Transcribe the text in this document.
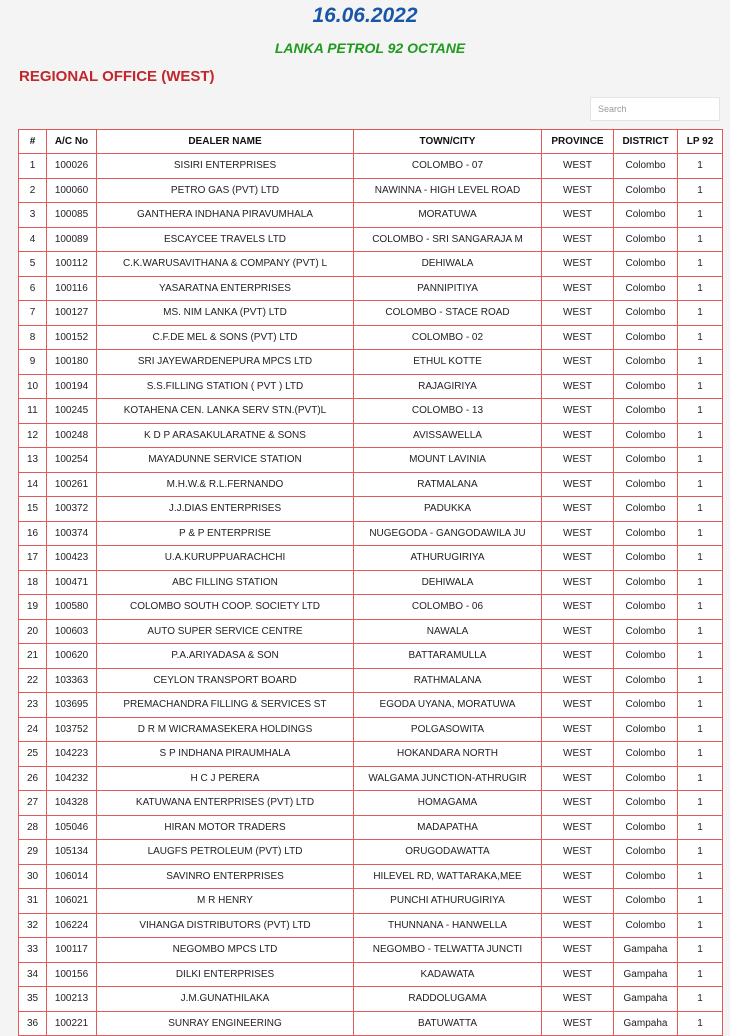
16.06.2022
LANKA PETROL 92 OCTANE
REGIONAL OFFICE (WEST)
Search
#	A/C No	DEALER NAME	TOWN/CITY	PROVINCE	DISTRICT	LP 92
1	100026	SISIRI ENTERPRISES	COLOMBO - 07	WEST	Colombo	1
2	100060	PETRO GAS (PVT) LTD	NAWINNA - HIGH LEVEL ROAD	WEST	Colombo	1
3	100085	GANTHERA INDHANA PIRAVUMHALA	MORATUWA	WEST	Colombo	1
4	100089	ESCAYCEE TRAVELS LTD	COLOMBO - SRI SANGARAJA M	WEST	Colombo	1
5	100112	C.K.WARUSAVITHANA & COMPANY (PVT) L	DEHIWALA	WEST	Colombo	1
6	100116	YASARATNA ENTERPRISES	PANNIPITIYA	WEST	Colombo	1
7	100127	MS. NIM LANKA (PVT) LTD	COLOMBO - STACE ROAD	WEST	Colombo	1
8	100152	C.F.DE MEL & SONS (PVT) LTD	COLOMBO - 02	WEST	Colombo	1
9	100180	SRI JAYEWARDENEPURA MPCS LTD	ETHUL KOTTE	WEST	Colombo	1
10	100194	S.S.FILLING STATION ( PVT ) LTD	RAJAGIRIYA	WEST	Colombo	1
11	100245	KOTAHENA CEN. LANKA SERV STN.(PVT)L	COLOMBO - 13	WEST	Colombo	1
12	100248	K D P ARASAKULARATNE & SONS	AVISSAWELLA	WEST	Colombo	1
13	100254	MAYADUNNE SERVICE STATION	MOUNT LAVINIA	WEST	Colombo	1
14	100261	M.H.W.& R.L.FERNANDO	RATMALANA	WEST	Colombo	1
15	100372	J.J.DIAS ENTERPRISES	PADUKKA	WEST	Colombo	1
16	100374	P & P ENTERPRISE	NUGEGODA - GANGODAWILA JU	WEST	Colombo	1
17	100423	U.A.KURUPPUARACHCHI	ATHURUGIRIYA	WEST	Colombo	1
18	100471	ABC FILLING STATION	DEHIWALA	WEST	Colombo	1
19	100580	COLOMBO SOUTH COOP. SOCIETY LTD	COLOMBO - 06	WEST	Colombo	1
20	100603	AUTO SUPER SERVICE CENTRE	NAWALA	WEST	Colombo	1
21	100620	P.A.ARIYADASA & SON	BATTARAMULLA	WEST	Colombo	1
22	103363	CEYLON TRANSPORT BOARD	RATHMALANA	WEST	Colombo	1
23	103695	PREMACHANDRA FILLING & SERVICES ST	EGODA UYANA, MORATUWA	WEST	Colombo	1
24	103752	D R M WICRAMASEKERA HOLDINGS	POLGASOWITA	WEST	Colombo	1
25	104223	S P INDHANA PIRAUMHALA	HOKANDARA NORTH	WEST	Colombo	1
26	104232	H C J PERERA	WALGAMA JUNCTION-ATHRUGIR	WEST	Colombo	1
27	104328	KATUWANA ENTERPRISES (PVT) LTD	HOMAGAMA	WEST	Colombo	1
28	105046	HIRAN MOTOR TRADERS	MADAPATHA	WEST	Colombo	1
29	105134	LAUGFS PETROLEUM (PVT) LTD	ORUGODAWATTA	WEST	Colombo	1
30	106014	SAVINRO ENTERPRISES	HILEVEL RD, WATTARAKA,MEE	WEST	Colombo	1
31	106021	M R HENRY	PUNCHI ATHURUGIRIYA	WEST	Colombo	1
32	106224	VIHANGA DISTRIBUTORS (PVT) LTD	THUNNANA - HANWELLA	WEST	Colombo	1
33	100117	NEGOMBO MPCS LTD	NEGOMBO - TELWATTA JUNCTI	WEST	Gampaha	1
34	100156	DILKI ENTERPRISES	KADAWATA	WEST	Gampaha	1
35	100213	J.M.GUNATHILAKA	RADDOLUGAMA	WEST	Gampaha	1
36	100221	SUNRAY ENGINEERING	BATUWATTA	WEST	Gampaha	1
